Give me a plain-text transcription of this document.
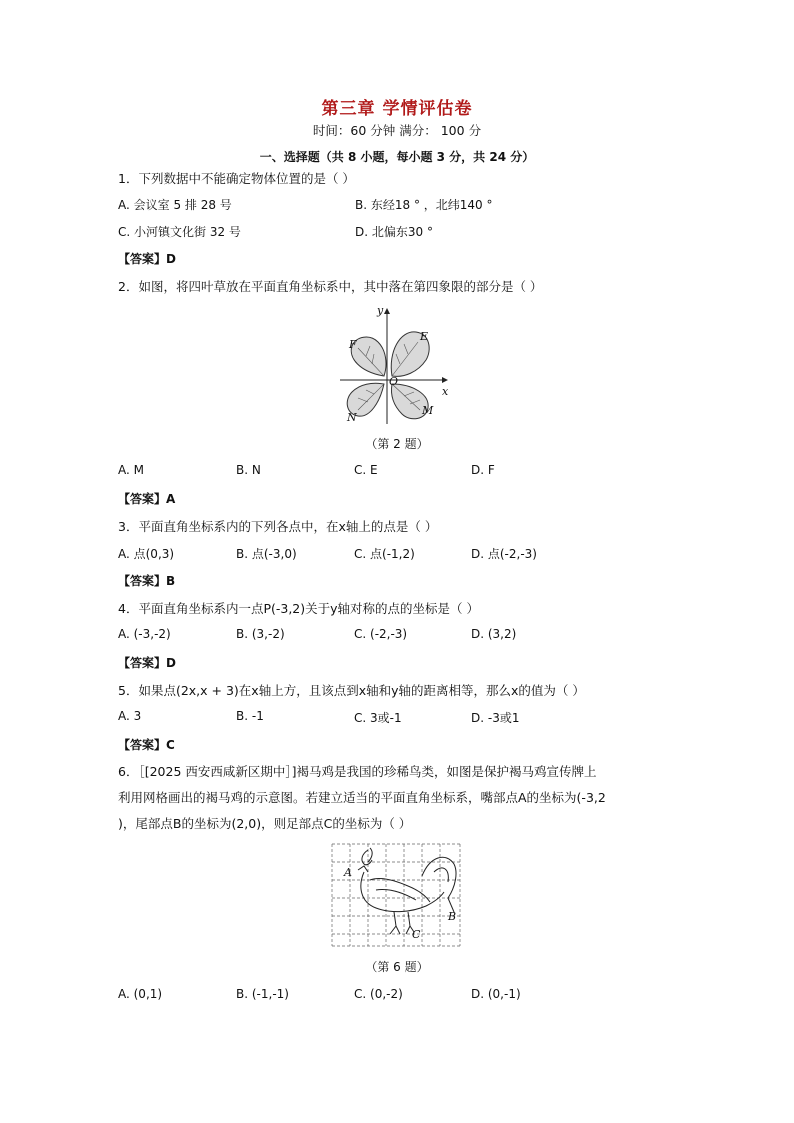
第三章 学情评估卷
时间：60 分钟 满分： 100 分
一、选择题（共 8 小题，每小题 3 分，共 24 分）
1．下列数据中不能确定物体位置的是（ ）
A. 会议室 5 排 28 号	B. 东经18 ° ，北纬140 °
C. 小河镇文化街 32 号	D. 北偏东30 °
【答案】D
2．如图，将四叶草放在平面直角坐标系中，其中落在第四象限的部分是（ ）
y
x
O
E
F
N
M
（第 2 题）
A. M	B. N	C. E	D. F
【答案】A
3．平面直角坐标系内的下列各点中，在x轴上的点是（ ）
A. 点(0,3)	B. 点(-3,0)	C. 点(-1,2)	D. 点(-2,-3)
【答案】B
4．平面直角坐标系内一点P(-3,2)关于y轴对称的点的坐标是（ ）
A. (-3,-2)	B. (3,-2)	C. (-2,-3)	D. (3,2)
【答案】D
5．如果点(2x,x + 3)在x轴上方，且该点到x轴和y轴的距离相等，那么x的值为（ ）
A. 3	B. -1	C. 3或-1	D. -3或1
【答案】C
6．［[2025 西安西咸新区期中］]褐马鸡是我国的珍稀鸟类，如图是保护褐马鸡宣传牌上
利用网格画出的褐马鸡的示意图。若建立适当的平面直角坐标系，嘴部点A的坐标为(-3,2
)，尾部点B的坐标为(2,0)，则足部点C的坐标为（ ）
A
B
C
（第 6 题）
A. (0,1)	B. (-1,-1)	C. (0,-2)	D. (0,-1)
